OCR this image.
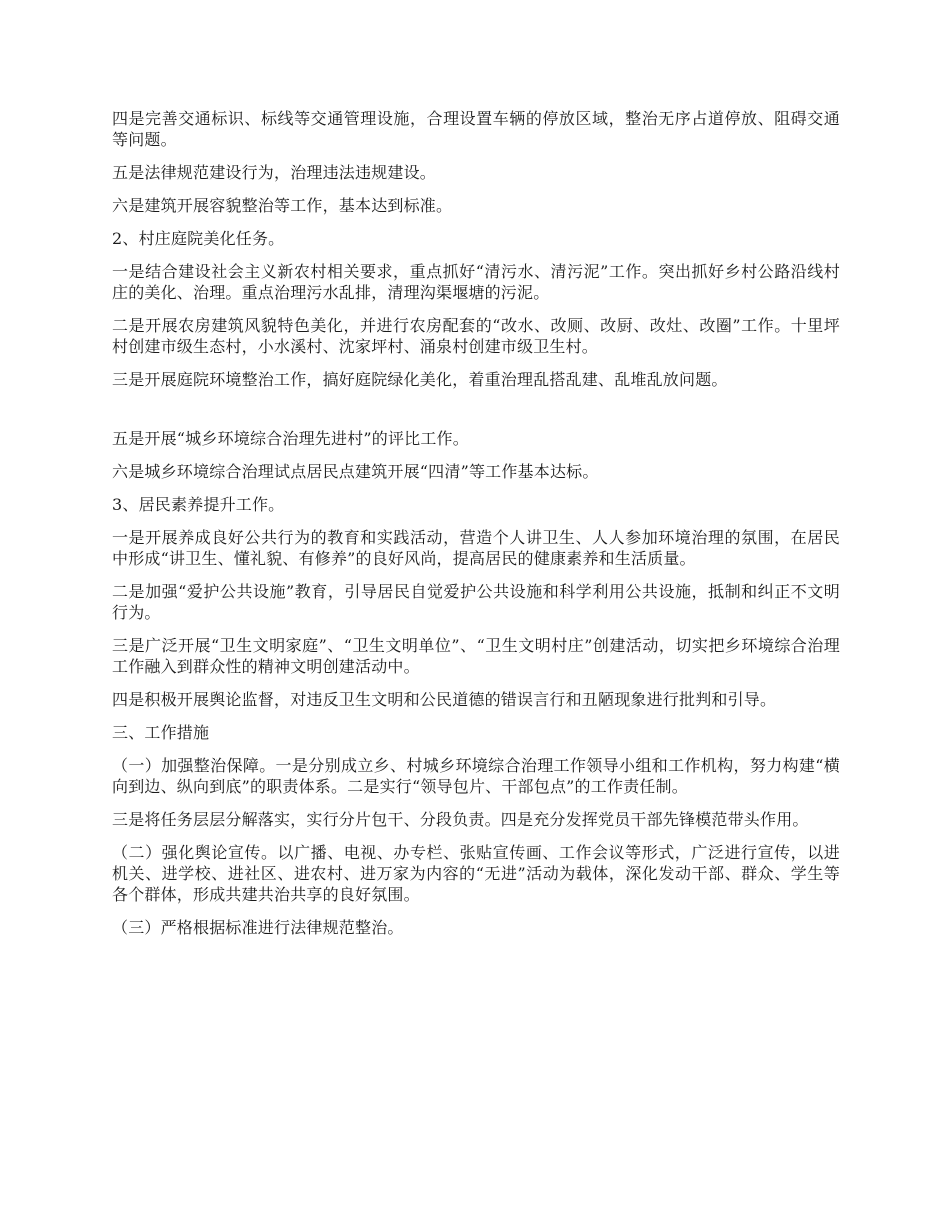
四是完善交通标识、标线等交通管理设施，合理设置车辆的停放区域，整治无序占道停放、阻碍交通等问题。

五是法律规范建设行为，治理违法违规建设。

六是建筑开展容貌整治等工作，基本达到标准。

2、村庄庭院美化任务。

一是结合建设社会主义新农村相关要求，重点抓好“清污水、清污泥”工作。突出抓好乡村公路沿线村庄的美化、治理。重点治理污水乱排，清理沟渠堰塘的污泥。

二是开展农房建筑风貌特色美化，并进行农房配套的“改水、改厕、改厨、改灶、改圈”工作。十里坪村创建市级生态村，小水溪村、沈家坪村、涌泉村创建市级卫生村。

三是开展庭院环境整治工作，搞好庭院绿化美化，着重治理乱搭乱建、乱堆乱放问题。

五是开展“城乡环境综合治理先进村”的评比工作。

六是城乡环境综合治理试点居民点建筑开展“四清”等工作基本达标。

3、居民素养提升工作。

一是开展养成良好公共行为的教育和实践活动，营造个人讲卫生、人人参加环境治理的氛围，在居民中形成“讲卫生、懂礼貌、有修养”的良好风尚，提高居民的健康素养和生活质量。

二是加强“爱护公共设施”教育，引导居民自觉爱护公共设施和科学利用公共设施，抵制和纠正不文明行为。

三是广泛开展“卫生文明家庭”、“卫生文明单位”、“卫生文明村庄”创建活动，切实把乡环境综合治理工作融入到群众性的精神文明创建活动中。

四是积极开展舆论监督，对违反卫生文明和公民道德的错误言行和丑陋现象进行批判和引导。

三、工作措施

（一）加强整治保障。一是分别成立乡、村城乡环境综合治理工作领导小组和工作机构，努力构建“横向到边、纵向到底”的职责体系。二是实行“领导包片、干部包点”的工作责任制。

三是将任务层层分解落实，实行分片包干、分段负责。四是充分发挥党员干部先锋模范带头作用。

（二）强化舆论宣传。以广播、电视、办专栏、张贴宣传画、工作会议等形式，广泛进行宣传，以进机关、进学校、进社区、进农村、进万家为内容的“无进”活动为载体，深化发动干部、群众、学生等各个群体，形成共建共治共享的良好氛围。

（三）严格根据标准进行法律规范整治。
